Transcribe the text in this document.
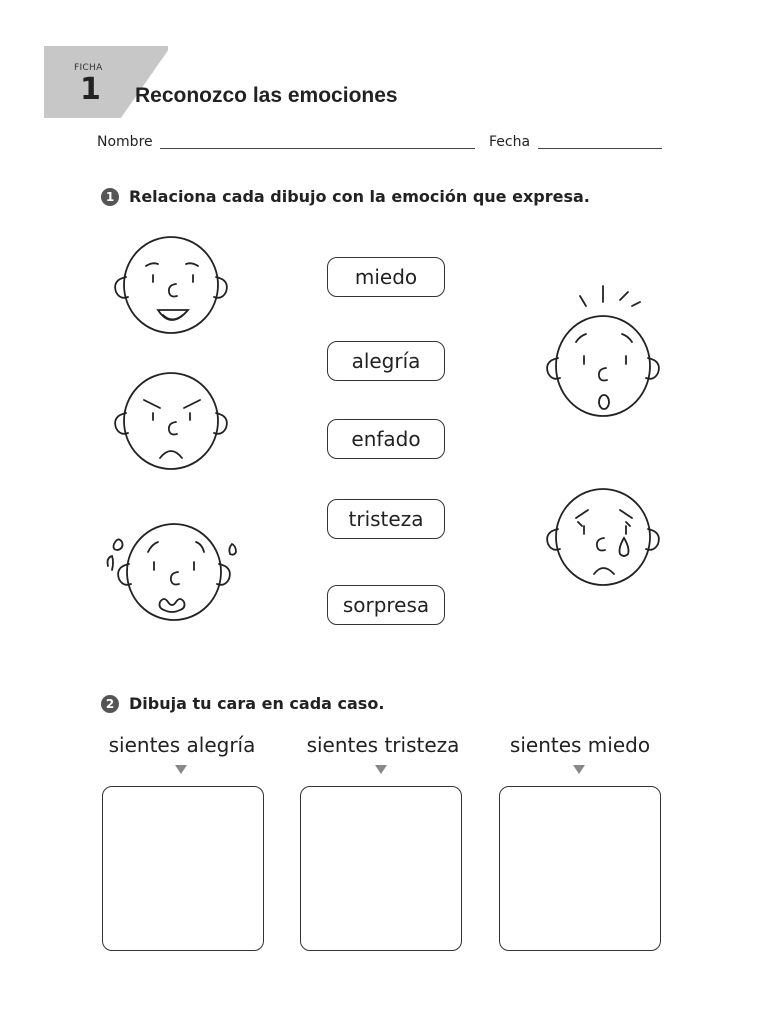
FICHA
1 Reconozco las emociones
Nombre	Fecha
1 Relaciona cada dibujo con la emoción que expresa.
miedo
alegría
enfado
tristeza
sorpresa
2 Dibuja tu cara en cada caso.
sientes alegría	sientes tristeza	sientes miedo
